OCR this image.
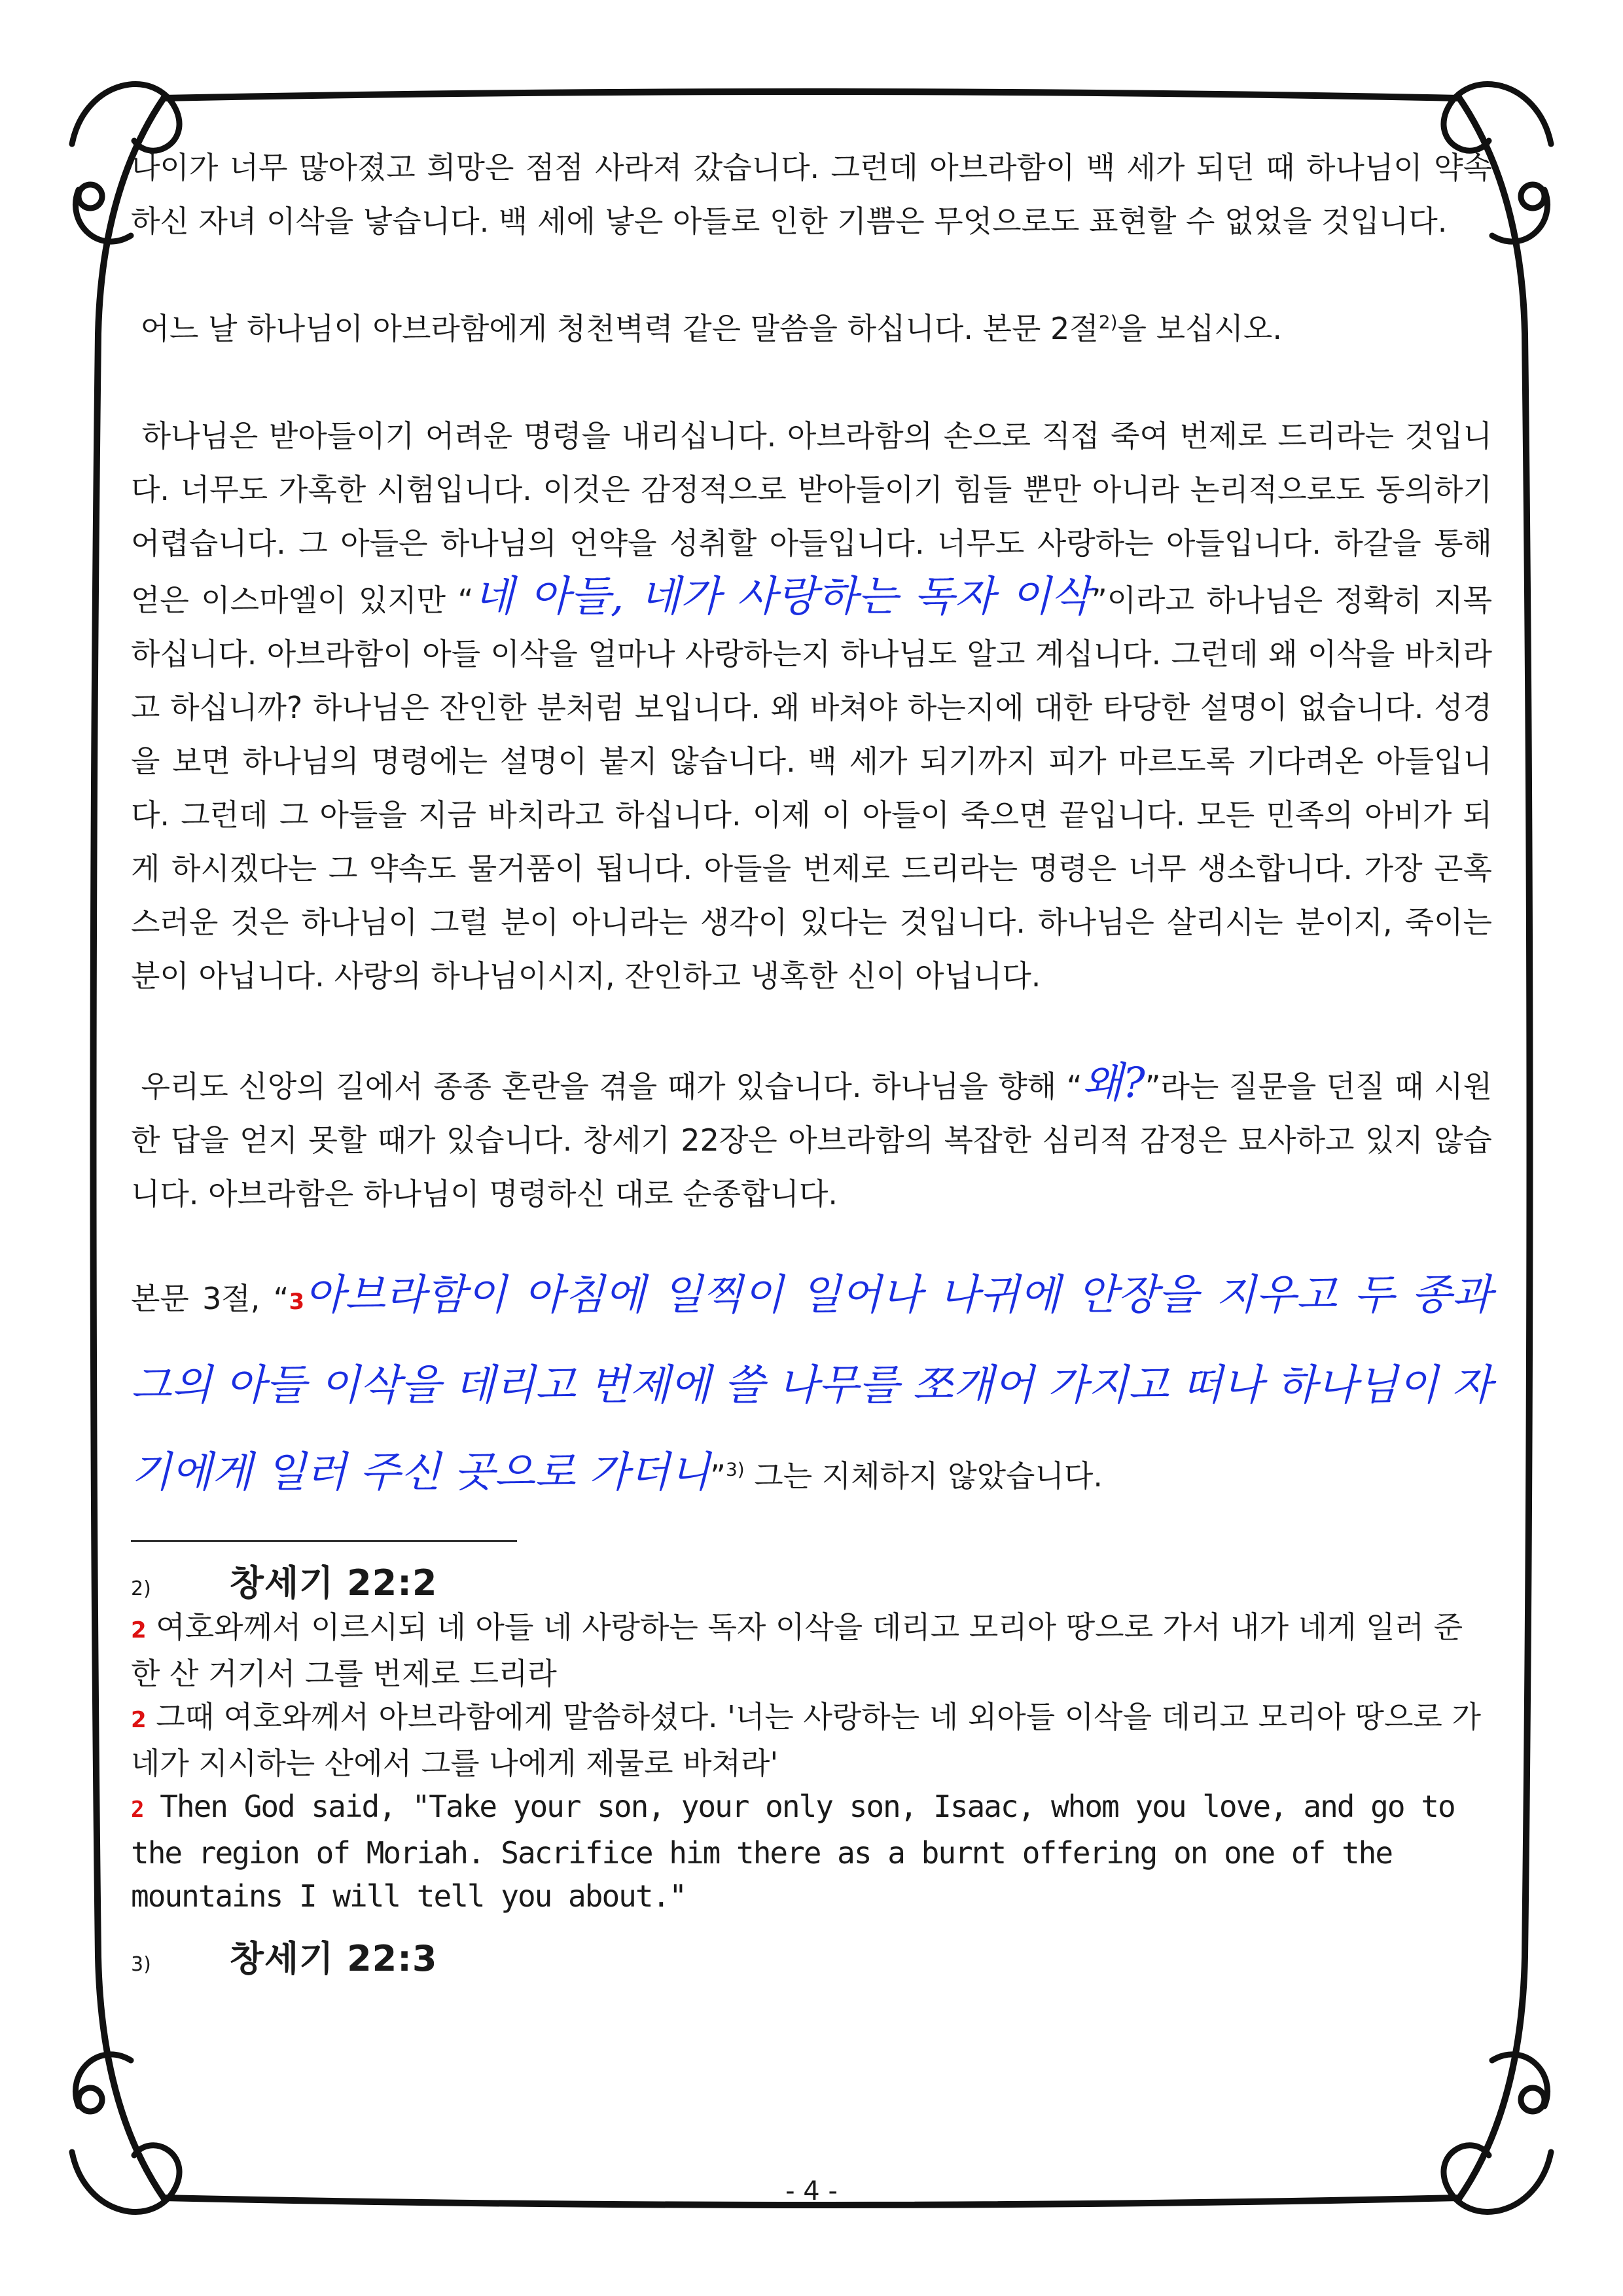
나이가 너무 많아졌고 희망은 점점 사라져 갔습니다. 그런데 아브라함이 백 세가 되던 때 하나님이 약속하신 자녀 이삭을 낳습니다. 백 세에 낳은 아들로 인한 기쁨은 무엇으로도 표현할 수 없었을 것입니다.

어느 날 하나님이 아브라함에게 청천벽력 같은 말씀을 하십니다. 본문 2절$^{2)}$을 보십시오.

하나님은 받아들이기 어려운 명령을 내리십니다. 아브라함의 손으로 직접 죽여 번제로 드리라는 것입니다. 너무도 가혹한 시험입니다. 이것은 감정적으로 받아들이기 힘들 뿐만 아니라 논리적으로도 동의하기 어렵습니다. 그 아들은 하나님의 언약을 성취할 아들입니다. 너무도 사랑하는 아들입니다. 하갈을 통해 얻은 이스마엘이 있지만 “네 아들, 네가 사랑하는 독자 이삭”이라고 하나님은 정확히 지목하십니다. 아브라함이 아들 이삭을 얼마나 사랑하는지 하나님도 알고 계십니다. 그런데 왜 이삭을 바치라고 하십니까? 하나님은 잔인한 분처럼 보입니다. 왜 바쳐야 하는지에 대한 타당한 설명이 없습니다. 성경을 보면 하나님의 명령에는 설명이 붙지 않습니다. 백 세가 되기까지 피가 마르도록 기다려온 아들입니다. 그런데 그 아들을 지금 바치라고 하십니다. 이제 이 아들이 죽으면 끝입니다. 모든 민족의 아비가 되게 하시겠다는 그 약속도 물거품이 됩니다. 아들을 번제로 드리라는 명령은 너무 생소합니다. 가장 곤혹스러운 것은 하나님이 그럴 분이 아니라는 생각이 있다는 것입니다. 하나님은 살리시는 분이지, 죽이는 분이 아닙니다. 사랑의 하나님이시지, 잔인하고 냉혹한 신이 아닙니다.

우리도 신앙의 길에서 종종 혼란을 겪을 때가 있습니다. 하나님을 향해 “왜?”라는 질문을 던질 때 시원한 답을 얻지 못할 때가 있습니다. 창세기 22장은 아브라함의 복잡한 심리적 감정은 묘사하고 있지 않습니다. 아브라함은 하나님이 명령하신 대로 순종합니다.

본문 3절, “3아브라함이 아침에 일찍이 일어나 나귀에 안장을 지우고 두 종과 그의 아들 이삭을 데리고 번제에 쓸 나무를 쪼개어 가지고 떠나 하나님이 자기에게 일러 주신 곳으로 가더니”$^{3)}$ 그는 지체하지 않았습니다.

2) 창세기 22:2

2 여호와께서 이르시되 네 아들 네 사랑하는 독자 이삭을 데리고 모리아 땅으로 가서 내가 네게 일러 준 한 산 거기서 그를 번제로 드리라

2 그때 여호와께서 아브라함에게 말씀하셨다. '너는 사랑하는 네 외아들 이삭을 데리고 모리아 땅으로 가 네가 지시하는 산에서 그를 나에게 제물로 바쳐라'

2 Then God said, "Take your son, your only son, Isaac, whom you love, and go to the region of Moriah. Sacrifice him there as a burnt offering on one of the mountains I will tell you about."

3) 창세기 22:3
- 4 -
